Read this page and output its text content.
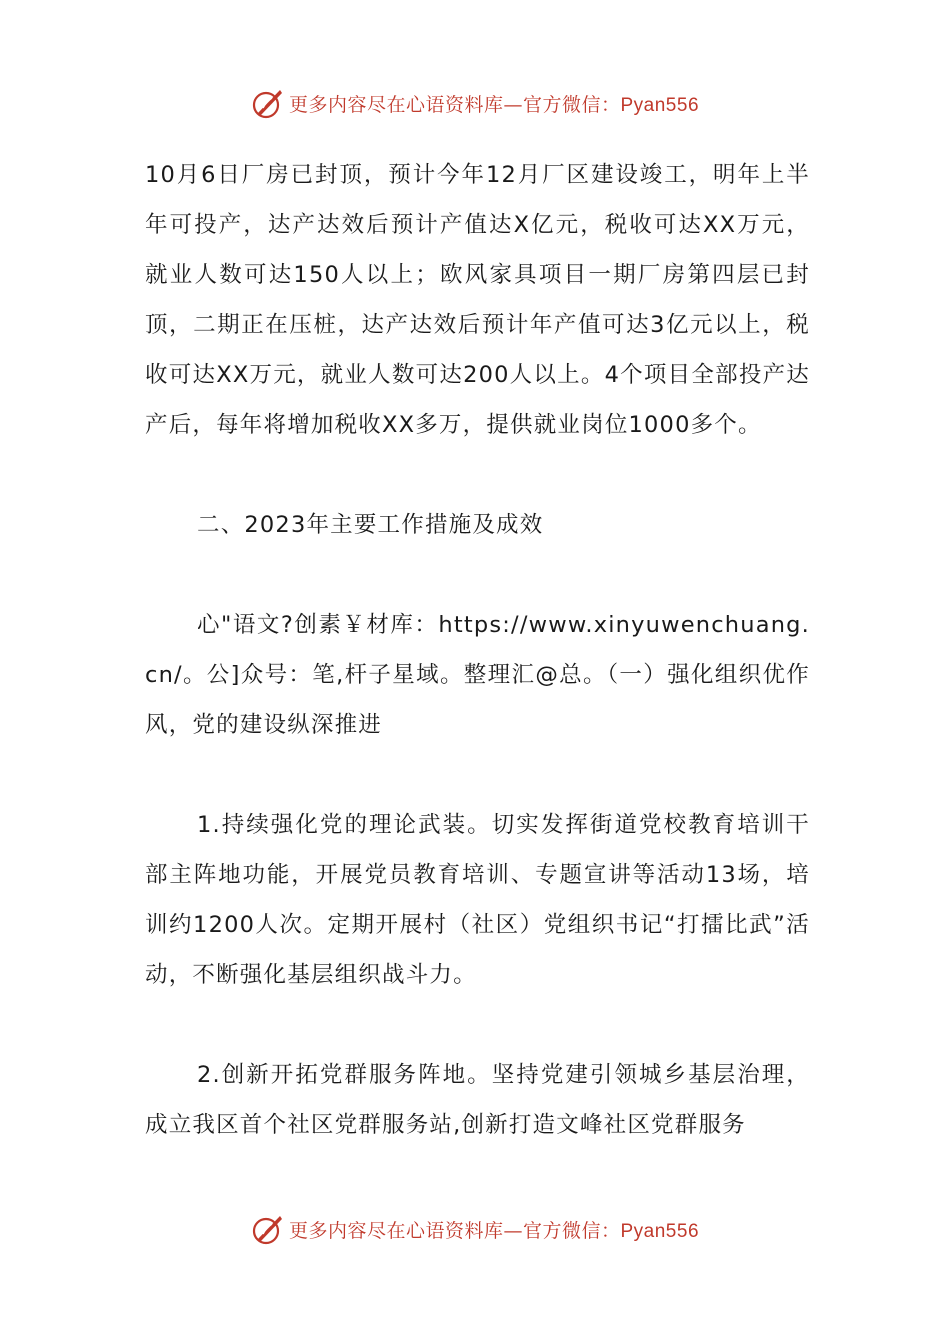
更多内容尽在心语资料库—官方微信：Pyan556

10月6日厂房已封顶，预计今年12月厂区建设竣工，明年上半年可投产，达产达效后预计产值达X亿元，税收可达XX万元，就业人数可达150人以上；欧风家具项目一期厂房第四层已封顶，二期正在压桩，达产达效后预计年产值可达3亿元以上，税收可达XX万元，就业人数可达200人以上。4个项目全部投产达产后，每年将增加税收XX多万，提供就业岗位1000多个。

二、2023年主要工作措施及成效

心"语文?创素￥材库：https://www.xinyuwenchuang.cn/。公]众号：笔,杆子星域。整理汇@总。（一）强化组织优作风，党的建设纵深推进

1.持续强化党的理论武装。切实发挥街道党校教育培训干部主阵地功能，开展党员教育培训、专题宣讲等活动13场，培训约1200人次。定期开展村（社区）党组织书记“打擂比武”活动，不断强化基层组织战斗力。

2.创新开拓党群服务阵地。坚持党建引领城乡基层治理，成立我区首个社区党群服务站,创新打造文峰社区党群服务

更多内容尽在心语资料库—官方微信：Pyan556
